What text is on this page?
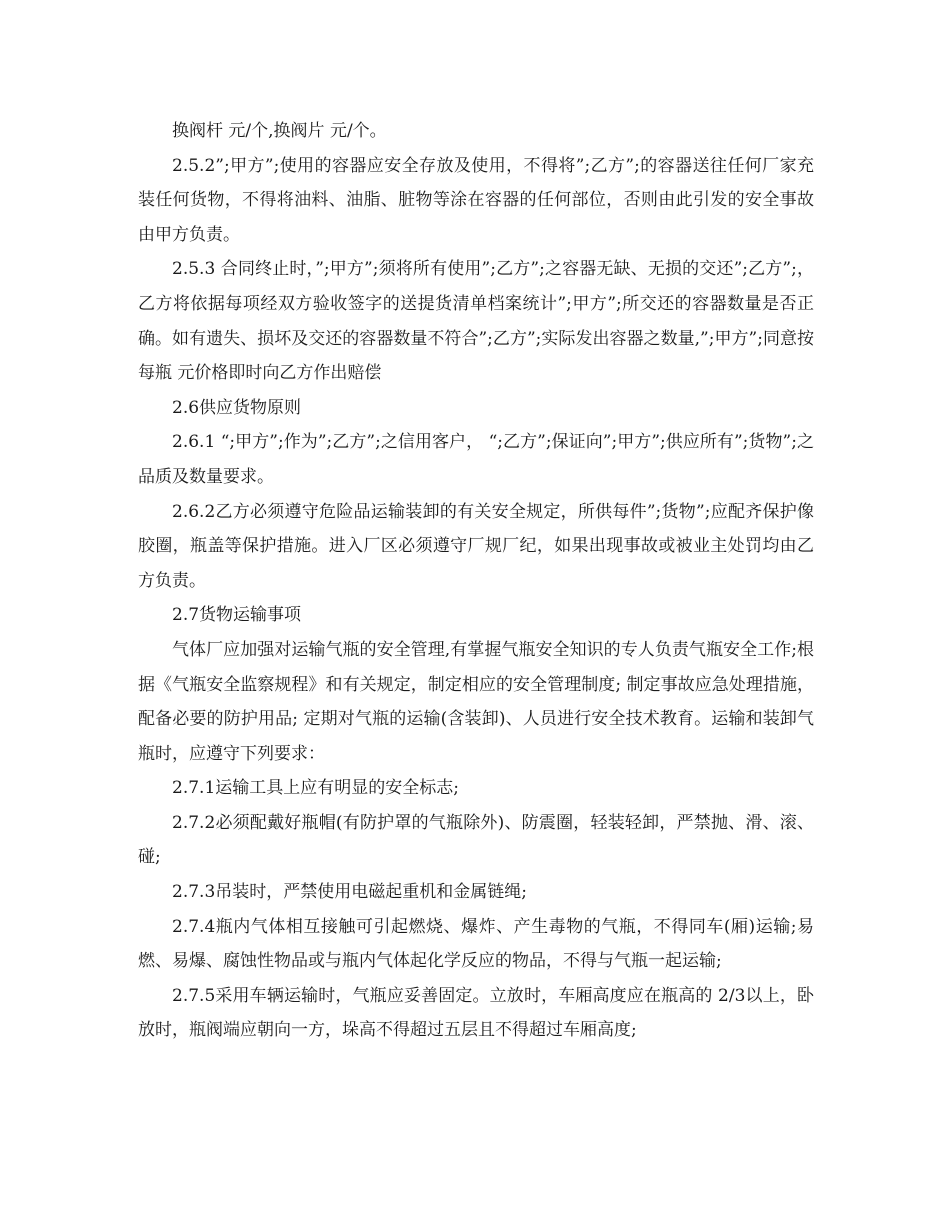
换阀杆 元/个,换阀片 元/个。

2.5.2”;甲方”;使用的容器应安全存放及使用，不得将”;乙方”;的容器送往任何厂家充装任何货物，不得将油料、油脂、脏物等涂在容器的任何部位，否则由此引发的安全事故由甲方负责。

2.5.3 合同终止时，”;甲方”;须将所有使用”;乙方”;之容器无缺、无损的交还”;乙方”;，乙方将依据每项经双方验收签字的送提货清单档案统计”;甲方”;所交还的容器数量是否正确。如有遗失、损坏及交还的容器数量不符合”;乙方”;实际发出容器之数量,”;甲方”;同意按每瓶 元价格即时向乙方作出赔偿

2.6供应货物原则

2.6.1 “;甲方”;作为”;乙方”;之信用客户， “;乙方”;保证向”;甲方”;供应所有”;货物”;之品质及数量要求。

2.6.2乙方必须遵守危险品运输装卸的有关安全规定，所供每件”;货物”;应配齐保护像胶圈，瓶盖等保护措施。进入厂区必须遵守厂规厂纪，如果出现事故或被业主处罚均由乙方负责。

2.7货物运输事项

气体厂应加强对运输气瓶的安全管理,有掌握气瓶安全知识的专人负责气瓶安全工作;根据《气瓶安全监察规程》和有关规定，制定相应的安全管理制度; 制定事故应急处理措施，配备必要的防护用品; 定期对气瓶的运输(含装卸)、人员进行安全技术教育。运输和装卸气瓶时，应遵守下列要求：

2.7.1运输工具上应有明显的安全标志;

2.7.2必须配戴好瓶帽(有防护罩的气瓶除外)、防震圈，轻装轻卸，严禁抛、滑、滚、碰;

2.7.3吊装时，严禁使用电磁起重机和金属链绳;

2.7.4瓶内气体相互接触可引起燃烧、爆炸、产生毒物的气瓶，不得同车(厢)运输;易燃、易爆、腐蚀性物品或与瓶内气体起化学反应的物品，不得与气瓶一起运输;

2.7.5采用车辆运输时，气瓶应妥善固定。立放时，车厢高度应在瓶高的 2/3以上，卧放时，瓶阀端应朝向一方，垛高不得超过五层且不得超过车厢高度;
